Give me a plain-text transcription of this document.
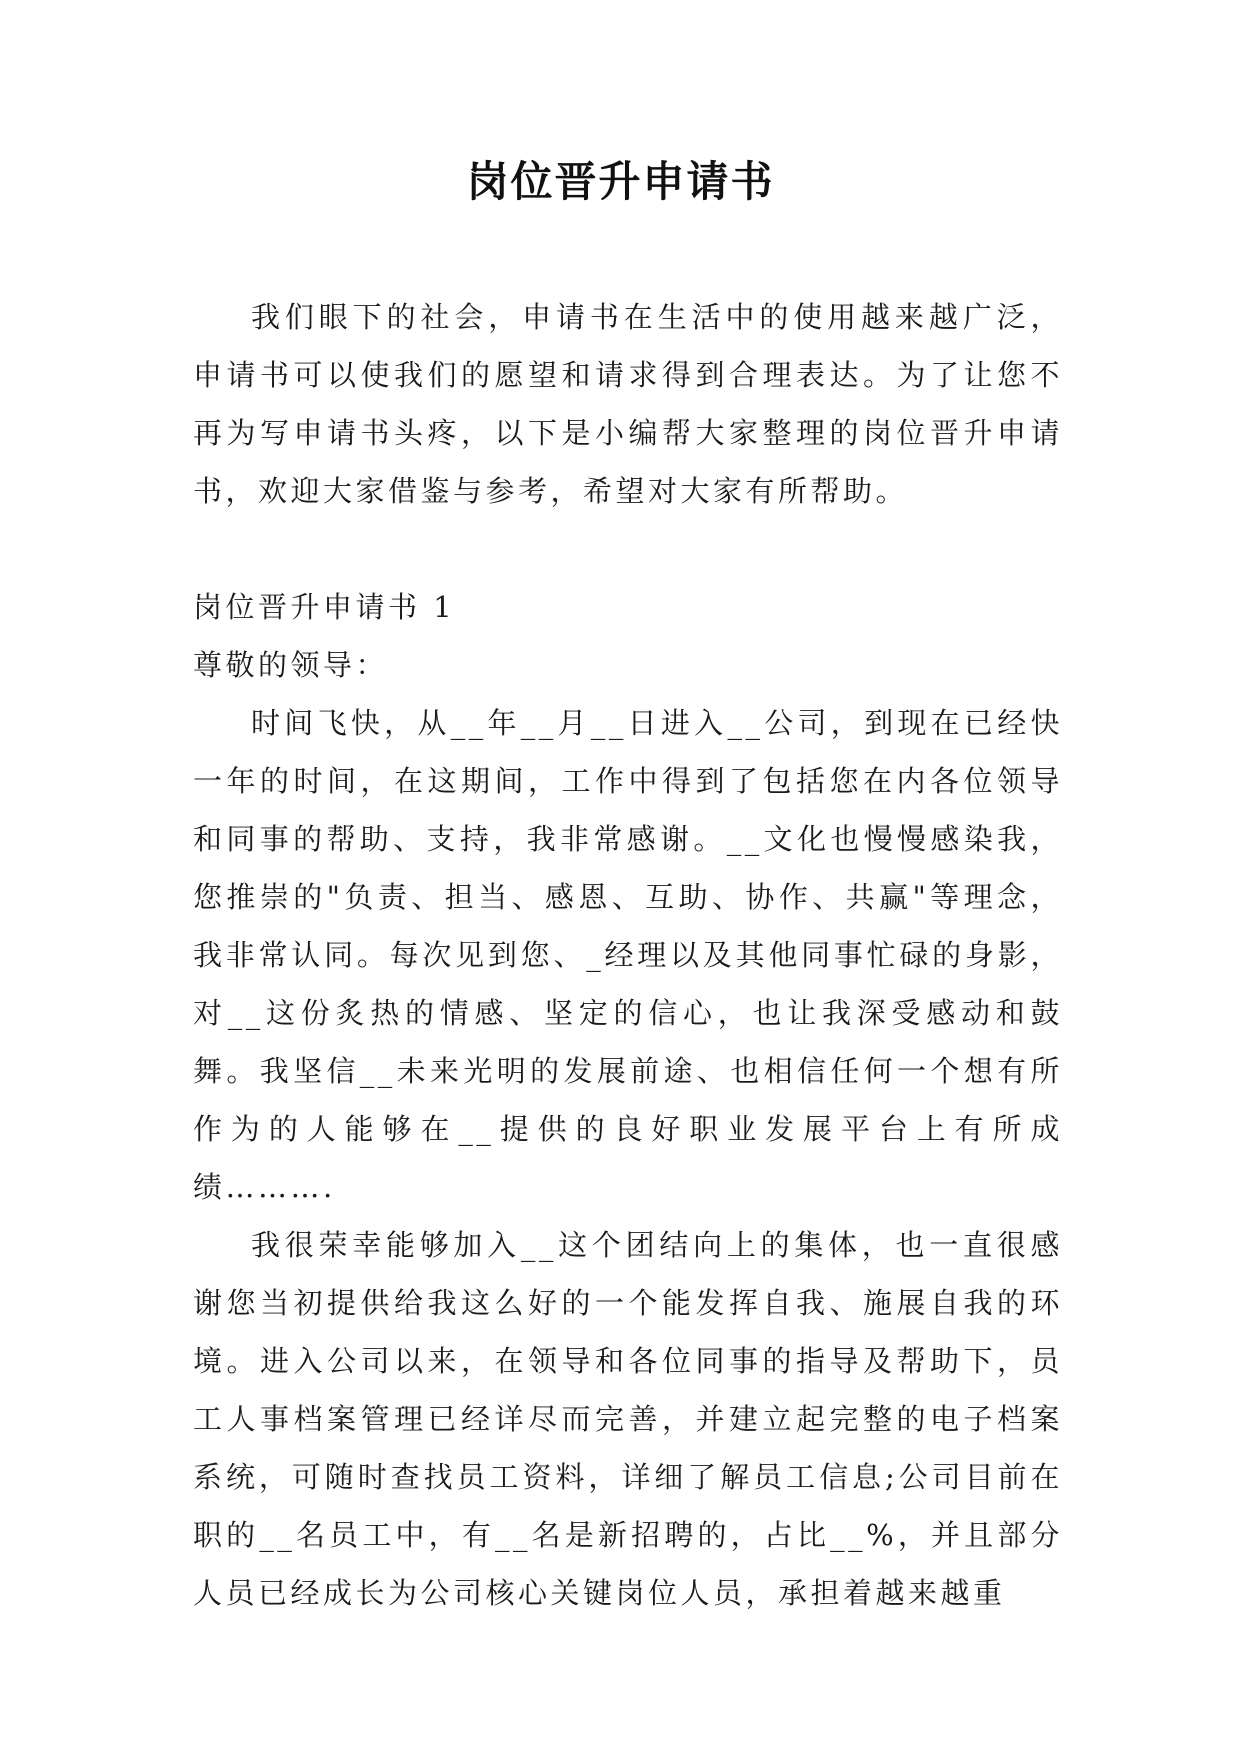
岗位晋升申请书

我们眼下的社会，申请书在生活中的使用越来越广泛，申请书可以使我们的愿望和请求得到合理表达。为了让您不再为写申请书头疼，以下是小编帮大家整理的岗位晋升申请书，欢迎大家借鉴与参考，希望对大家有所帮助。

岗位晋升申请书 1

尊敬的领导：

时间飞快，从__年__月__日进入__公司，到现在已经快一年的时间，在这期间，工作中得到了包括您在内各位领导和同事的帮助、支持，我非常感谢。__文化也慢慢感染我，您推崇的"负责、担当、感恩、互助、协作、共赢"等理念，我非常认同。每次见到您、_经理以及其他同事忙碌的身影，对__这份炙热的情感、坚定的信心，也让我深受感动和鼓舞。我坚信__未来光明的发展前途、也相信任何一个想有所作为的人能够在__提供的良好职业发展平台上有所成绩……….

我很荣幸能够加入__这个团结向上的集体，也一直很感谢您当初提供给我这么好的一个能发挥自我、施展自我的环境。进入公司以来，在领导和各位同事的指导及帮助下，员工人事档案管理已经详尽而完善，并建立起完整的电子档案系统，可随时查找员工资料，详细了解员工信息;公司目前在职的__名员工中，有__名是新招聘的，占比__%，并且部分人员已经成长为公司核心关键岗位人员，承担着越来越重
